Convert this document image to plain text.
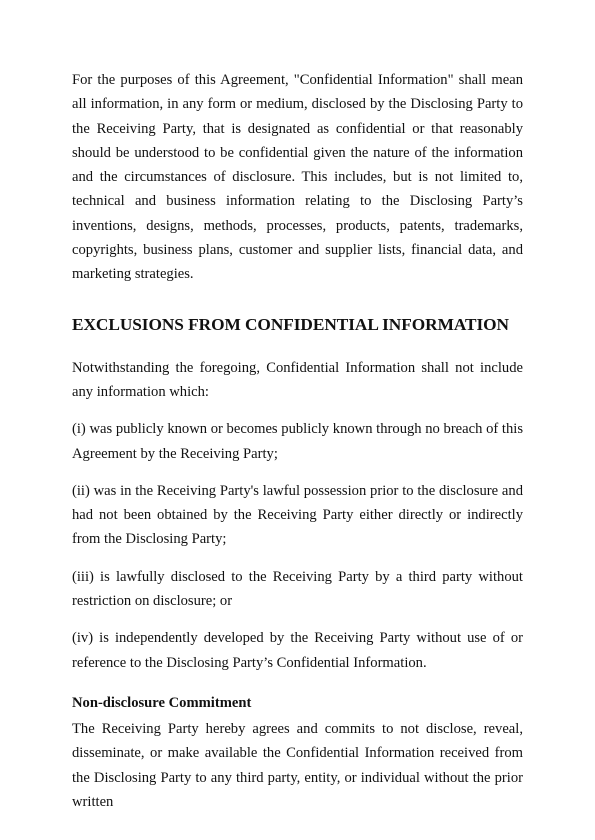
For the purposes of this Agreement, "Confidential Information" shall mean all information, in any form or medium, disclosed by the Disclosing Party to the Receiving Party, that is designated as confidential or that reasonably should be understood to be confidential given the nature of the information and the circumstances of disclosure. This includes, but is not limited to, technical and business information relating to the Disclosing Party’s inventions, designs, methods, processes, products, patents, trademarks, copyrights, business plans, customer and supplier lists, financial data, and marketing strategies.

EXCLUSIONS FROM CONFIDENTIAL INFORMATION

Notwithstanding the foregoing, Confidential Information shall not include any information which:

(i) was publicly known or becomes publicly known through no breach of this Agreement by the Receiving Party;

(ii) was in the Receiving Party's lawful possession prior to the disclosure and had not been obtained by the Receiving Party either directly or indirectly from the Disclosing Party;

(iii) is lawfully disclosed to the Receiving Party by a third party without restriction on disclosure; or

(iv) is independently developed by the Receiving Party without use of or reference to the Disclosing Party’s Confidential Information.

Non-disclosure Commitment

The Receiving Party hereby agrees and commits to not disclose, reveal, disseminate, or make available the Confidential Information received from the Disclosing Party to any third party, entity, or individual without the prior written
